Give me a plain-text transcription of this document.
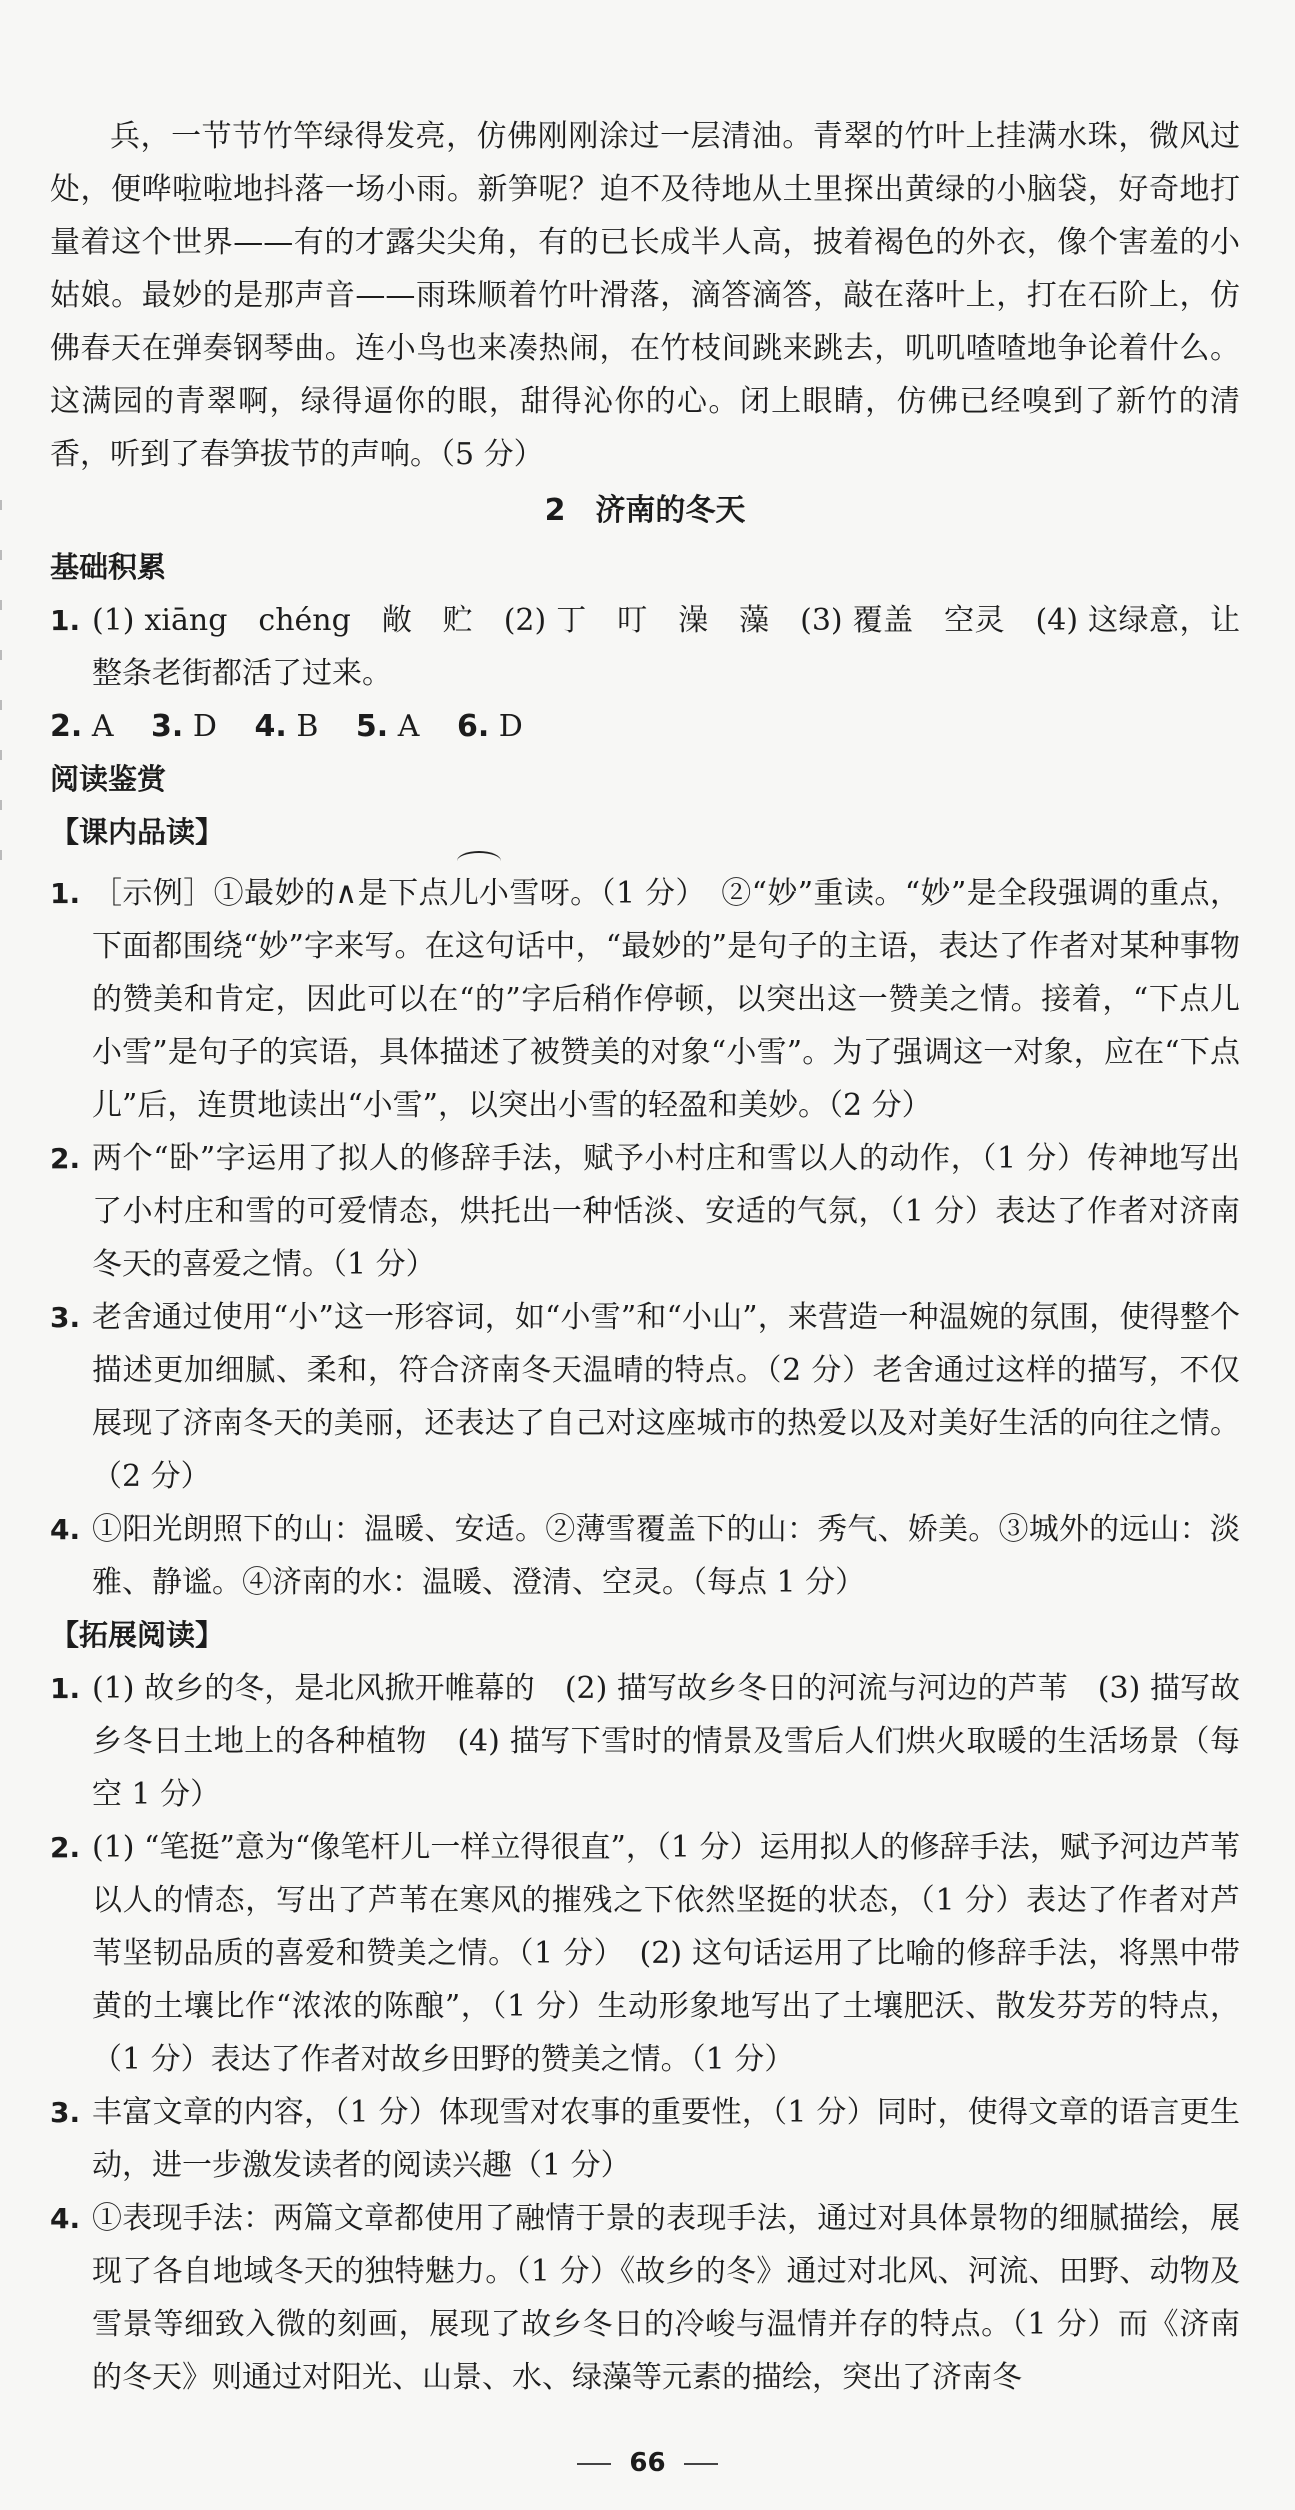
兵，一节节竹竿绿得发亮，仿佛刚刚涂过一层清油。青翠的竹叶上挂满水珠，微风过处，便哗啦啦地抖落一场小雨。新笋呢？迫不及待地从土里探出黄绿的小脑袋，好奇地打量着这个世界——有的才露尖尖角，有的已长成半人高，披着褐色的外衣，像个害羞的小姑娘。最妙的是那声音——雨珠顺着竹叶滑落，滴答滴答，敲在落叶上，打在石阶上，仿佛春天在弹奏钢琴曲。连小鸟也来凑热闹，在竹枝间跳来跳去，叽叽喳喳地争论着什么。这满园的青翠啊，绿得逼你的眼，甜得沁你的心。闭上眼睛，仿佛已经嗅到了新竹的清香，听到了春笋拔节的声响。（5 分）

2　济南的冬天

基础积累

1. (1) xiāng　chéng　敞　贮　(2) 丁　叮　澡　藻　(3) 覆盖　空灵　(4) 这绿意，让整条老街都活了过来。

2. A 3. D 4. B 5. A 6. D

阅读鉴赏

【课内品读】

1. ［示例］①最妙的∧是下点儿小雪呀。（1 分）　②“妙”重读。“妙”是全段强调的重点，下面都围绕“妙”字来写。在这句话中，“最妙的”是句子的主语，表达了作者对某种事物的赞美和肯定，因此可以在“的”字后稍作停顿，以突出这一赞美之情。接着，“下点儿小雪”是句子的宾语，具体描述了被赞美的对象“小雪”。为了强调这一对象，应在“下点儿”后，连贯地读出“小雪”，以突出小雪的轻盈和美妙。（2 分）

2. 两个“卧”字运用了拟人的修辞手法，赋予小村庄和雪以人的动作，（1 分）传神地写出了小村庄和雪的可爱情态，烘托出一种恬淡、安适的气氛，（1 分）表达了作者对济南冬天的喜爱之情。（1 分）

3. 老舍通过使用“小”这一形容词，如“小雪”和“小山”，来营造一种温婉的氛围，使得整个描述更加细腻、柔和，符合济南冬天温晴的特点。（2 分）老舍通过这样的描写，不仅展现了济南冬天的美丽，还表达了自己对这座城市的热爱以及对美好生活的向往之情。（2 分）

4. ①阳光朗照下的山：温暖、安适。②薄雪覆盖下的山：秀气、娇美。③城外的远山：淡雅、静谧。④济南的水：温暖、澄清、空灵。（每点 1 分）

【拓展阅读】

1. (1) 故乡的冬，是北风掀开帷幕的　(2) 描写故乡冬日的河流与河边的芦苇　(3) 描写故乡冬日土地上的各种植物　(4) 描写下雪时的情景及雪后人们烘火取暖的生活场景（每空 1 分）

2. (1) “笔挺”意为“像笔杆儿一样立得很直”，（1 分）运用拟人的修辞手法，赋予河边芦苇以人的情态，写出了芦苇在寒风的摧残之下依然坚挺的状态，（1 分）表达了作者对芦苇坚韧品质的喜爱和赞美之情。（1 分）　(2) 这句话运用了比喻的修辞手法，将黑中带黄的土壤比作“浓浓的陈酿”，（1 分）生动形象地写出了土壤肥沃、散发芬芳的特点，（1 分）表达了作者对故乡田野的赞美之情。（1 分）

3. 丰富文章的内容，（1 分）体现雪对农事的重要性，（1 分）同时，使得文章的语言更生动，进一步激发读者的阅读兴趣（1 分）

4. ①表现手法：两篇文章都使用了融情于景的表现手法，通过对具体景物的细腻描绘，展现了各自地域冬天的独特魅力。（1 分）《故乡的冬》通过对北风、河流、田野、动物及雪景等细致入微的刻画，展现了故乡冬日的冷峻与温情并存的特点。（1 分）而《济南的冬天》则通过对阳光、山景、水、绿藻等元素的描绘，突出了济南冬

66
